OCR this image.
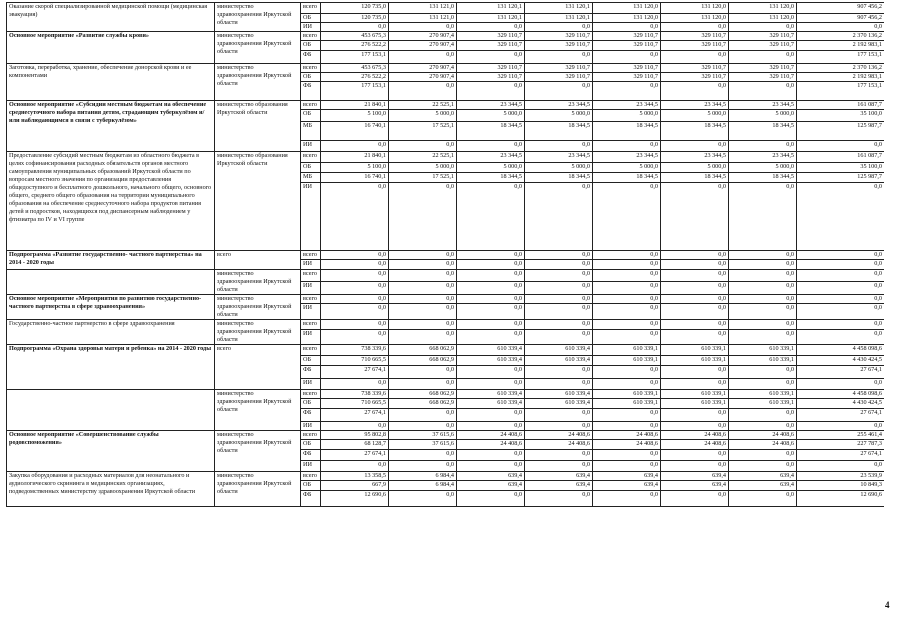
Оказание скорой специализированной медицинской помощи (медицинская эвакуация)	министерство здравоохранения Иркутской области	всего	120 735,0	131 121,0	131 120,1	131 120,1	131 120,0	131 120,0	131 120,0	907 456,2
		ОБ	120 735,0	131 121,0	131 120,1	131 120,1	131 120,0	131 120,0	131 120,0	907 456,2
		ИИ	0,0	0,0	0,0	0,0	0,0	0,0	0,0	0,0
Основное мероприятие «Развитие службы крови»	министерство здравоохранения Иркутской области	всего	453 675,3	270 907,4	329 110,7	329 110,7	329 110,7	329 110,7	329 110,7	2 370 136,2
		ОБ	276 522,2	270 907,4	329 110,7	329 110,7	329 110,7	329 110,7	329 110,7	2 192 983,1
		ФБ	177 153,1	0,0	0,0	0,0	0,0	0,0	0,0	177 153,1
Заготовка, переработка, хранение, обеспечение донорской крови и ее компонентами	министерство здравоохранения Иркутской области	всего	453 675,3	270 907,4	329 110,7	329 110,7	329 110,7	329 110,7	329 110,7	2 370 136,2
		ОБ	276 522,2	270 907,4	329 110,7	329 110,7	329 110,7	329 110,7	329 110,7	2 192 983,1
		ФБ	177 153,1	0,0	0,0	0,0	0,0	0,0	0,0	177 153,1
Основное мероприятие «Субсидии местным бюджетам на обеспечение среднесуточного набора питания детям, страдающим туберкулёзом и/или наблюдающимся в связи с туберкулёзом»	министерство образования Иркутской области	всего	21 840,1	22 525,1	23 344,5	23 344,5	23 344,5	23 344,5	23 344,5	161 087,7
		ОБ	5 100,0	5 000,0	5 000,0	5 000,0	5 000,0	5 000,0	5 000,0	35 100,0
		МБ	16 740,1	17 525,1	18 344,5	18 344,5	18 344,5	18 344,5	18 344,5	125 987,7
		ИИ	0,0	0,0	0,0	0,0	0,0	0,0	0,0	0,0
Предоставление субсидий местным бюджетам из областного бюджета в целях софинансирования расходных обязательств органов местного самоуправления муниципальных образований Иркутской области по вопросам местного значения по организации предоставления общедоступного и бесплатного дошкольного, начального общего, основного общего, среднего общего образования на территории муниципального образования на обеспечение среднесуточного набора продуктов питания детей и подростков, находящихся под диспансерным наблюдением у фтизиатра по IV и VI группе	министерство образования Иркутской области	всего	21 840,1	22 525,1	23 344,5	23 344,5	23 344,5	23 344,5	23 344,5	161 087,7
		ОБ	5 100,0	5 000,0	5 000,0	5 000,0	5 000,0	5 000,0	5 000,0	35 100,0
		МБ	16 740,1	17 525,1	18 344,5	18 344,5	18 344,5	18 344,5	18 344,5	125 987,7
		ИИ	0,0	0,0	0,0	0,0	0,0	0,0	0,0	0,0
Подпрограмма «Развитие государственно- частного партнерства» на 2014 - 2020 годы	всего	всего	0,0	0,0	0,0	0,0	0,0	0,0	0,0	0,0
		ИИ	0,0	0,0	0,0	0,0	0,0	0,0	0,0	0,0
	министерство здравоохранения Иркутской области	всего	0,0	0,0	0,0	0,0	0,0	0,0	0,0	0,0
		ИИ	0,0	0,0	0,0	0,0	0,0	0,0	0,0	0,0
Основное мероприятие «Мероприятия по развитию государственно-частного партнерства в сфере здравоохранения»	министерство здравоохранения Иркутской области	всего	0,0	0,0	0,0	0,0	0,0	0,0	0,0	0,0
		ИИ	0,0	0,0	0,0	0,0	0,0	0,0	0,0	0,0
Государственно-частное партнерство в сфере здравоохранения	министерство здравоохранения Иркутской области	всего	0,0	0,0	0,0	0,0	0,0	0,0	0,0	0,0
		ИИ	0,0	0,0	0,0	0,0	0,0	0,0	0,0	0,0
Подпрограмма «Охрана здоровья матери и ребенка» на 2014 - 2020 годы	всего	всего	738 339,6	668 062,9	610 339,4	610 339,4	610 339,1	610 339,1	610 339,1	4 458 098,6
		ОБ	710 665,5	668 062,9	610 339,4	610 339,4	610 339,1	610 339,1	610 339,1	4 430 424,5
		ФБ	27 674,1	0,0	0,0	0,0	0,0	0,0	0,0	27 674,1
		ИИ	0,0	0,0	0,0	0,0	0,0	0,0	0,0	0,0
	министерство здравоохранения Иркутской области	всего	738 339,6	668 062,9	610 339,4	610 339,4	610 339,1	610 339,1	610 339,1	4 458 098,6
		ОБ	710 665,5	668 062,9	610 339,4	610 339,4	610 339,1	610 339,1	610 339,1	4 430 424,5
		ФБ	27 674,1	0,0	0,0	0,0	0,0	0,0	0,0	27 674,1
		ИИ	0,0	0,0	0,0	0,0	0,0	0,0	0,0	0,0
Основное мероприятие «Совершенствование службы родовспоможения»	министерство здравоохранения Иркутской области	всего	95 802,8	37 615,6	24 408,6	24 408,6	24 408,6	24 408,6	24 408,6	255 461,4
		ОБ	68 128,7	37 615,6	24 408,6	24 408,6	24 408,6	24 408,6	24 408,6	227 787,3
		ФБ	27 674,1	0,0	0,0	0,0	0,0	0,0	0,0	27 674,1
		ИИ	0,0	0,0	0,0	0,0	0,0	0,0	0,0	0,0
Закупка оборудования и расходных материалов для неонатального и аудиологического скрининга в медицинских организациях, подведомственных министерству здравоохранения Иркутской области	министерство здравоохранения Иркутской области	всего	13 358,5	6 984,4	639,4	639,4	639,4	639,4	639,4	23 539,9
		ОБ	667,9	6 984,4	639,4	639,4	639,4	639,4	639,4	10 849,3
		ФБ	12 690,6	0,0	0,0	0,0	0,0	0,0	0,0	12 690,6
4
